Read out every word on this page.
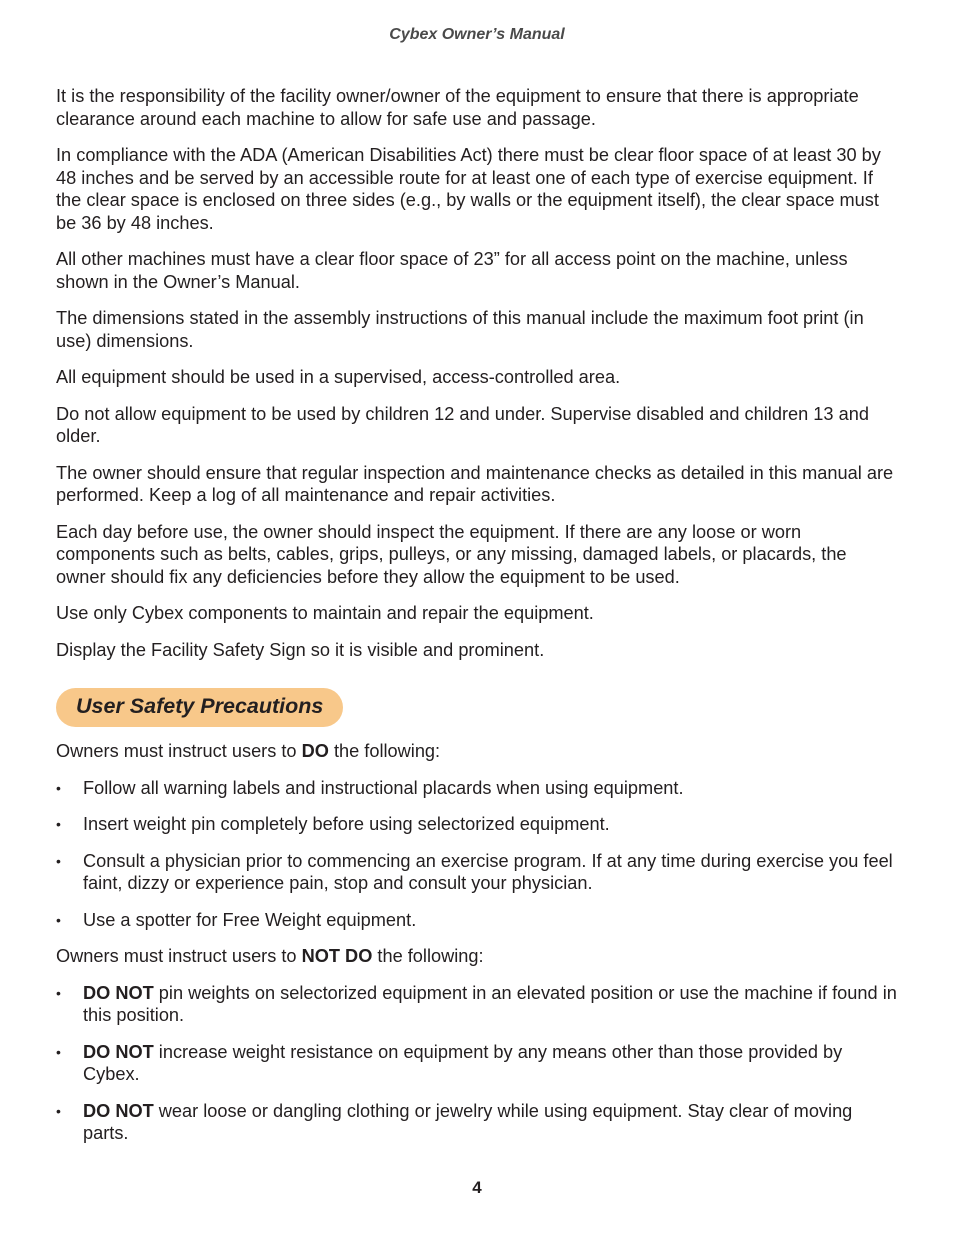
Cybex Owner’s Manual

It is the responsibility of the facility owner/owner of the equipment to ensure that there is appropriate clearance around each machine to allow for safe use and passage.

In compliance with the ADA (American Disabilities Act) there must be clear floor space of at least 30 by 48 inches and be served by an accessible route for at least one of each type of exercise equipment. If the clear space is enclosed on three sides (e.g., by walls or the equipment itself), the clear space must be 36 by 48 inches.

All other machines must have a clear floor space of 23” for all access point on the machine, unless shown in the Owner’s Manual.

The dimensions stated in the assembly instructions of this manual include the maximum foot print (in use) dimensions.

All equipment should be used in a supervised, access-controlled area.

Do not allow equipment to be used by children 12 and under. Supervise disabled and children 13 and older.

The owner should ensure that regular inspection and maintenance checks as detailed in this manual are performed. Keep a log of all maintenance and repair activities.

Each day before use, the owner should inspect the equipment. If there are any loose or worn components such as belts, cables, grips, pulleys, or any missing, damaged labels, or placards, the owner should fix any deficiencies before they allow the equipment to be used.

Use only Cybex components to maintain and repair the equipment.

Display the Facility Safety Sign so it is visible and prominent.

User Safety Precautions

Owners must instruct users to DO the following:

• Follow all warning labels and instructional placards when using equipment.
• Insert weight pin completely before using selectorized equipment.
• Consult a physician prior to commencing an exercise program. If at any time during exercise you feel faint, dizzy or experience pain, stop and consult your physician.
• Use a spotter for Free Weight equipment.

Owners must instruct users to NOT DO the following:

• DO NOT pin weights on selectorized equipment in an elevated position or use the machine if found in this position.
• DO NOT increase weight resistance on equipment by any means other than those provided by Cybex.
• DO NOT wear loose or dangling clothing or jewelry while using equipment. Stay clear of moving parts.
4
